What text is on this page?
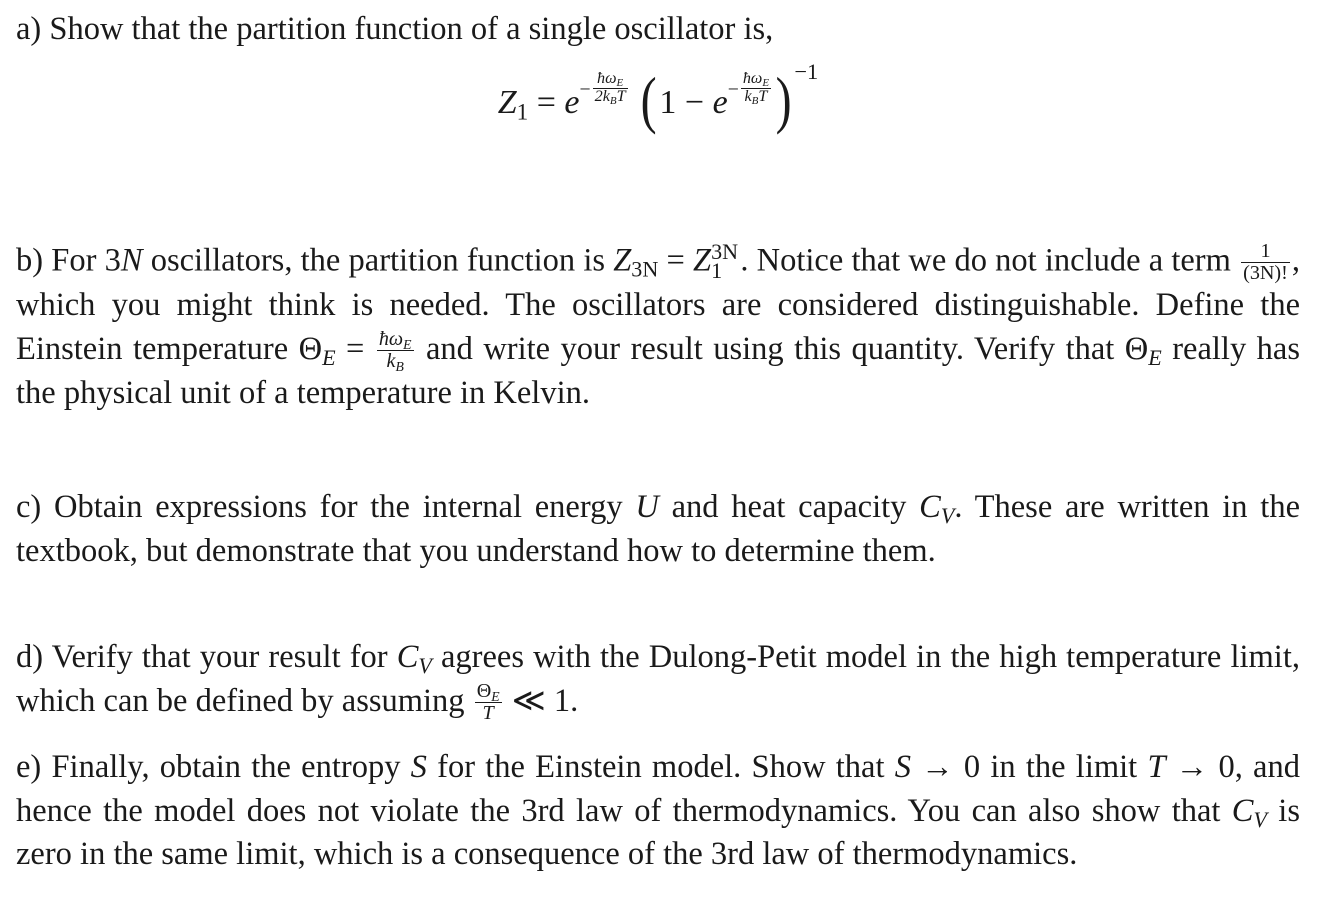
a) Show that the partition function of a single oscillator is,

$Z_1 = e- \frac{ħ\omega_E}{2k_BT} (1 - e- \frac{ħ\omega_E}{k_BT}$ ) −1

b) For 3N oscillators, the partition function is $Z_{3N} = Z$ 3N
1 . Notice that we do not include a term $\frac{1}{(3N)!}$ , which you might think is needed. The oscillators are considered distinguishable. Define the Einstein temperature $\Theta_E = \frac{ħ\omega_E}{k_B}$ and write your result using this quantity. Verify that $\Theta_E$ really has the physical unit of a temperature in Kelvin.

c) Obtain expressions for the internal energy U and heat capacity $C_V$. These are written in the textbook, but demonstrate that you understand how to determine them.

d) Verify that your result for $C_V$ agrees with the Dulong-Petit model in the high temperature limit, which can be defined by assuming $\frac{\Theta_E}{T}$ ≪ 1.

e) Finally, obtain the entropy S for the Einstein model. Show that S → 0 in the limit T → 0, and hence the model does not violate the 3rd law of thermodynamics. You can also show that $C_V$ is zero in the same limit, which is a consequence of the 3rd law of thermodynamics.
